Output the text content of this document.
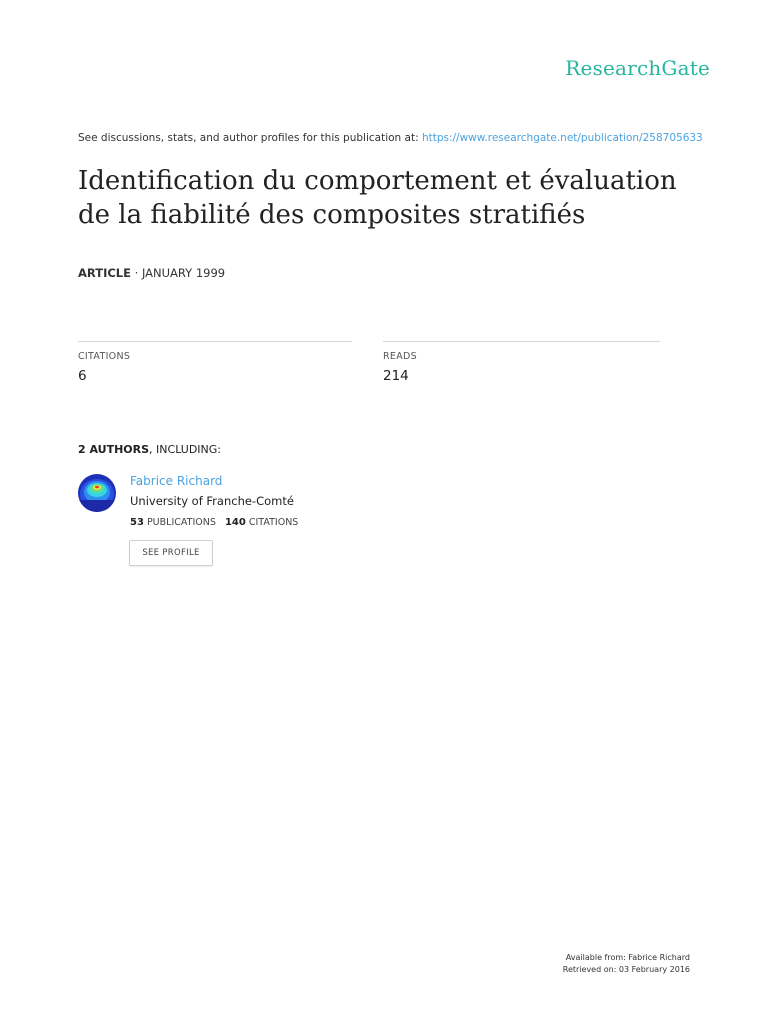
ResearchGate
See discussions, stats, and author profiles for this publication at: https://www.researchgate.net/publication/258705633
Identification du comportement et évaluation
de la fiabilité des composites stratifiés
ARTICLE · JANUARY 1999
CITATIONS
6
READS
214
2 AUTHORS, INCLUDING:
Fabrice Richard
University of Franche-Comté
53 PUBLICATIONS 140 CITATIONS
SEE PROFILE
Available from: Fabrice Richard
Retrieved on: 03 February 2016
